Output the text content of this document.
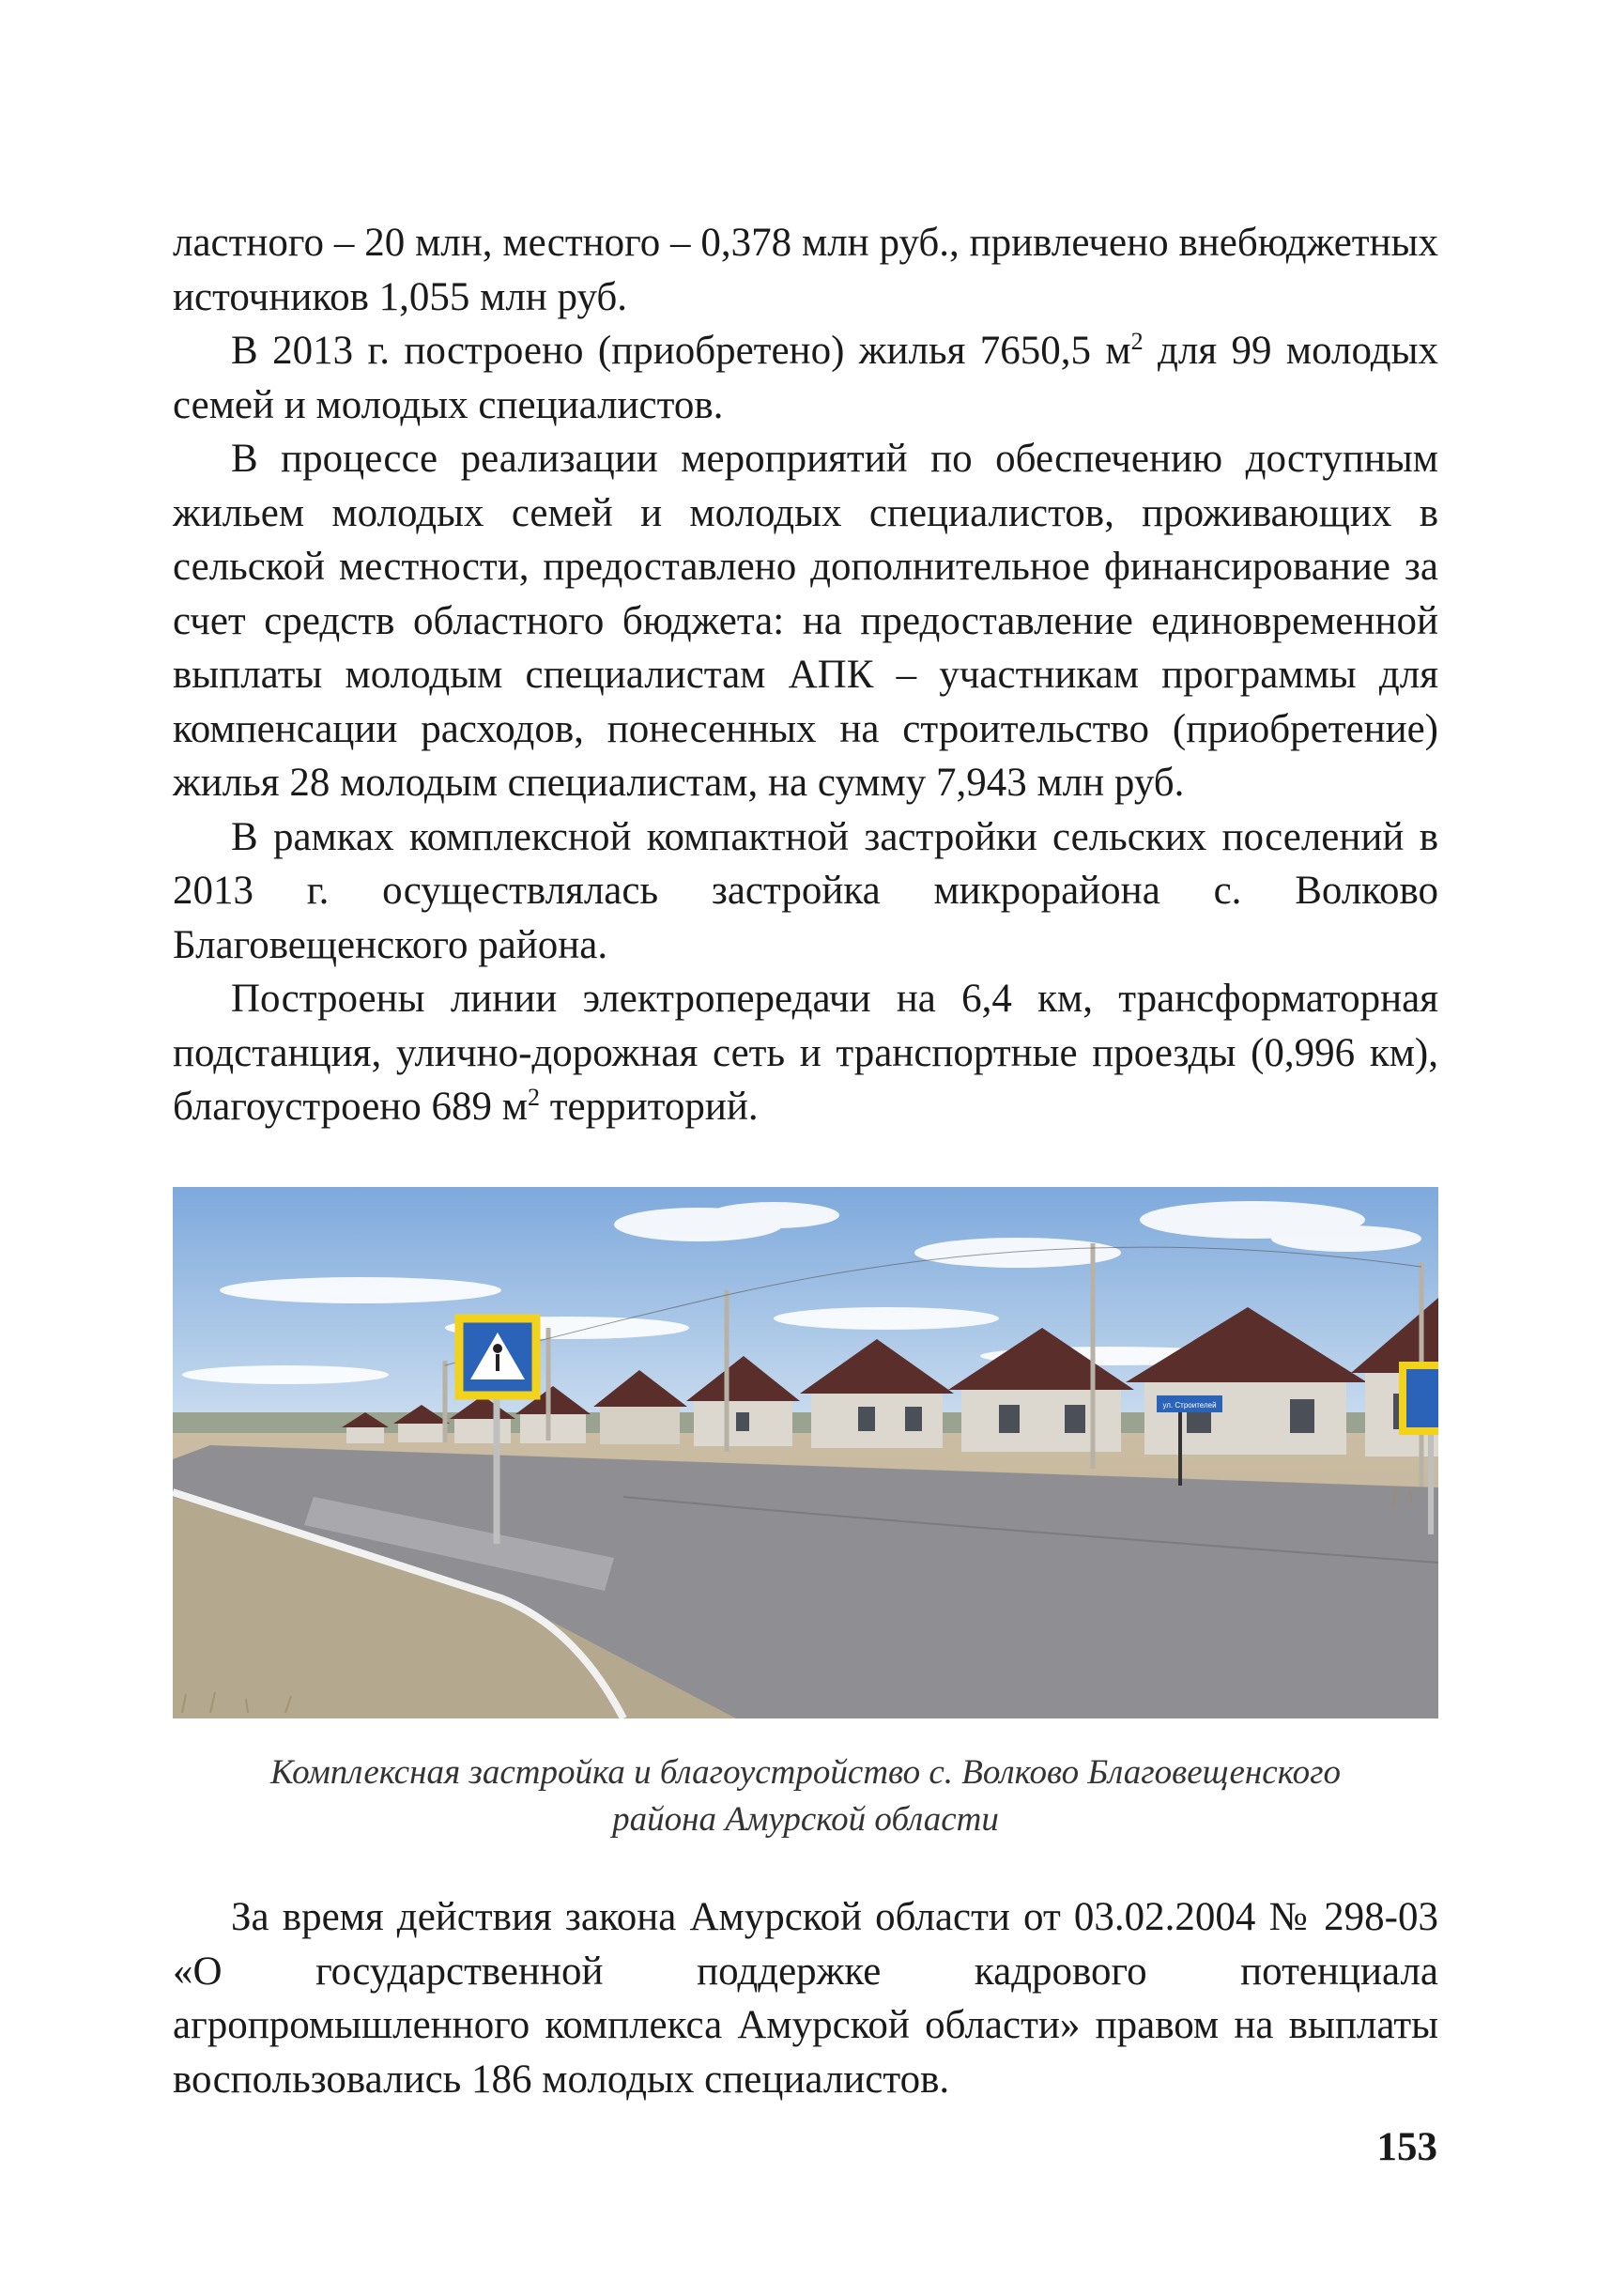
ластного – 20 млн, местного – 0,378 млн руб., привлечено внебюджетных источников 1,055 млн руб.

В 2013 г. построено (приобретено) жилья 7650,5 $м^2$ для 99 молодых семей и молодых специалистов.

В процессе реализации мероприятий по обеспечению доступным жильем молодых семей и молодых специалистов, проживающих в сельской местности, предоставлено дополнительное финансирование за счет средств областного бюджета: на предоставление единовременной выплаты молодым специалистам АПК – участникам программы для компенсации расходов, понесенных на строительство (приобретение) жилья 28 молодым специалистам, на сумму 7,943 млн руб.

В рамках комплексной компактной застройки сельских поселений в 2013 г. осуществлялась застройка микрорайона с. Волково Благовещенского района.

Построены линии электропередачи на 6,4 км, трансформаторная подстанция, улично-дорожная сеть и транспортные проезды (0,996 км), благоустроено 689 $м^2$ территорий.

ул. Строителей
Комплексная застройка и благоустройство с. Волково Благовещенского
района Амурской области

За время действия закона Амурской области от 03.02.2004 № 298-03 «О государственной поддержке кадрового потенциала агропромышленного комплекса Амурской области» правом на выплаты воспользовались 186 молодых специалистов.

153
